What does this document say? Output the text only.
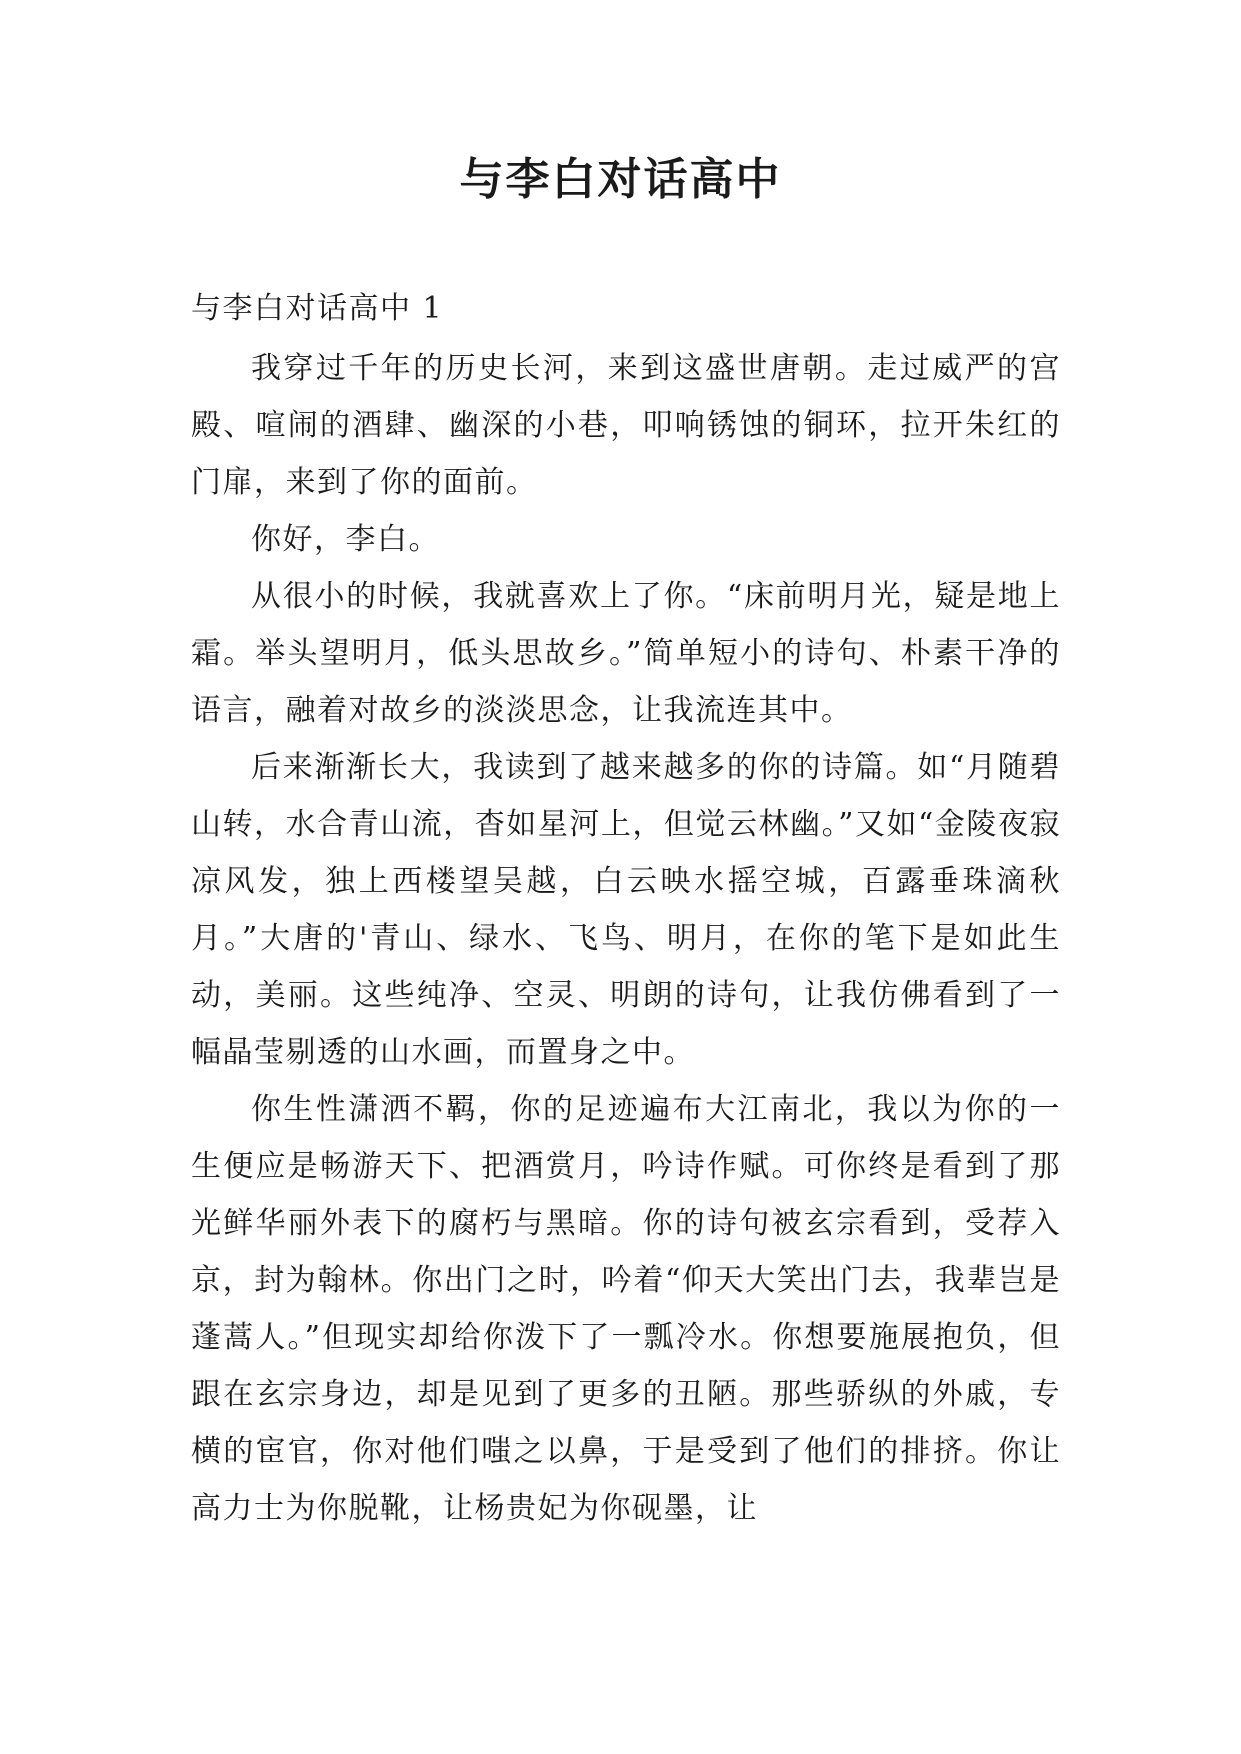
与李白对话高中

与李白对话高中 1

我穿过千年的历史长河，来到这盛世唐朝。走过威严的宫殿、喧闹的酒肆、幽深的小巷，叩响锈蚀的铜环，拉开朱红的门扉，来到了你的面前。

你好，李白。

从很小的时候，我就喜欢上了你。“床前明月光，疑是地上霜。举头望明月，低头思故乡。”简单短小的诗句、朴素干净的语言，融着对故乡的淡淡思念，让我流连其中。

后来渐渐长大，我读到了越来越多的你的诗篇。如“月随碧山转，水合青山流，杳如星河上，但觉云林幽。”又如“金陵夜寂凉风发，独上西楼望吴越，白云映水摇空城，百露垂珠滴秋月。”大唐的'青山、绿水、飞鸟、明月，在你的笔下是如此生动，美丽。这些纯净、空灵、明朗的诗句，让我仿佛看到了一幅晶莹剔透的山水画，而置身之中。

你生性潇洒不羁，你的足迹遍布大江南北，我以为你的一生便应是畅游天下、把酒赏月，吟诗作赋。可你终是看到了那光鲜华丽外表下的腐朽与黑暗。你的诗句被玄宗看到，受荐入京，封为翰林。你出门之时，吟着“仰天大笑出门去，我辈岂是蓬蒿人。”但现实却给你泼下了一瓢冷水。你想要施展抱负，但跟在玄宗身边，却是见到了更多的丑陋。那些骄纵的外戚，专横的宦官，你对他们嗤之以鼻，于是受到了他们的排挤。你让高力士为你脱靴，让杨贵妃为你砚墨，让
